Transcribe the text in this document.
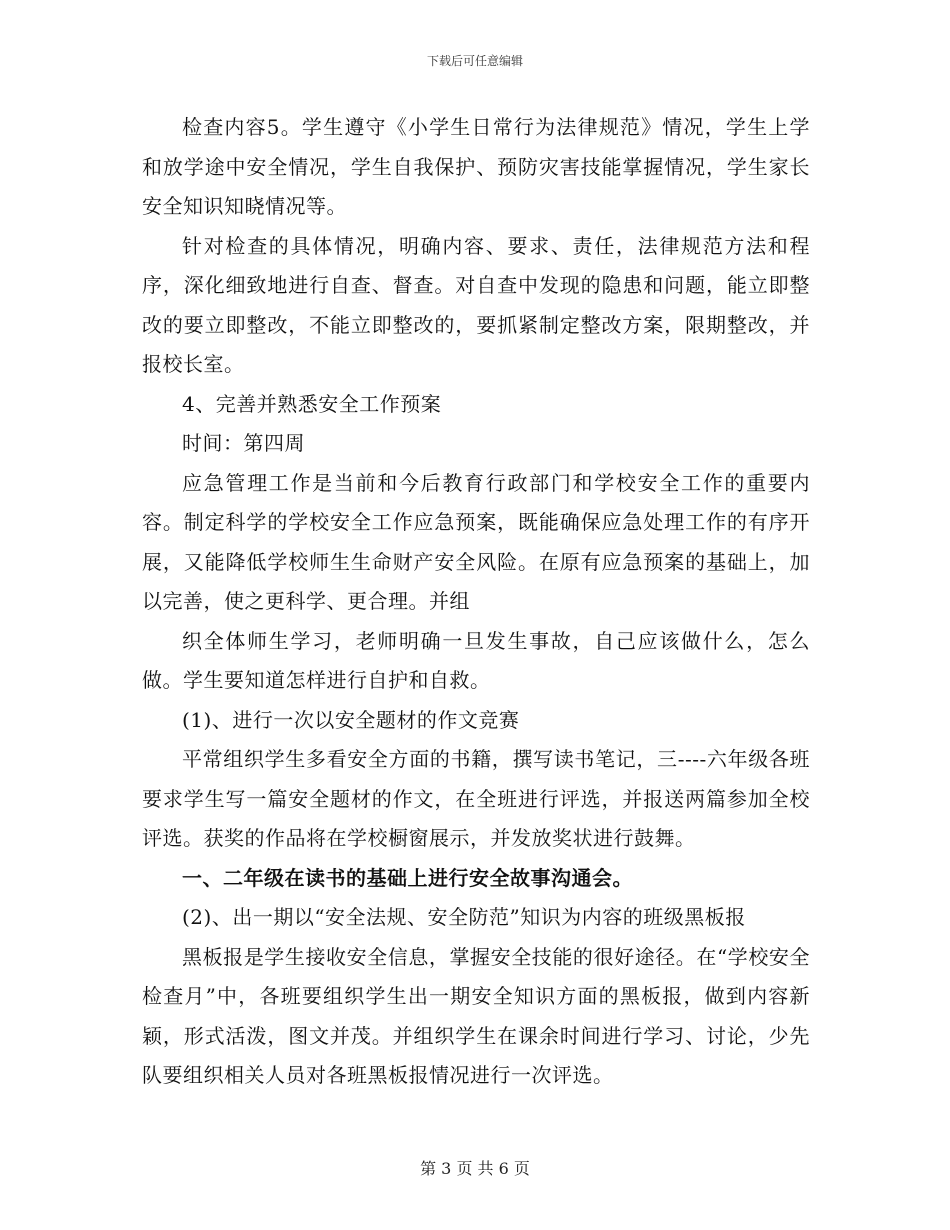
下载后可任意编辑

检查内容5。学生遵守《小学生日常行为法律规范》情况，学生上学和放学途中安全情况，学生自我保护、预防灾害技能掌握情况，学生家长安全知识知晓情况等。

针对检查的具体情况，明确内容、要求、责任，法律规范方法和程序，深化细致地进行自查、督查。对自查中发现的隐患和问题，能立即整改的要立即整改，不能立即整改的，要抓紧制定整改方案，限期整改，并报校长室。

4、完善并熟悉安全工作预案

时间：第四周

应急管理工作是当前和今后教育行政部门和学校安全工作的重要内容。制定科学的学校安全工作应急预案，既能确保应急处理工作的有序开展，又能降低学校师生生命财产安全风险。在原有应急预案的基础上，加以完善，使之更科学、更合理。并组

织全体师生学习，老师明确一旦发生事故，自己应该做什么，怎么做。学生要知道怎样进行自护和自救。

(1)、进行一次以安全题材的作文竞赛

平常组织学生多看安全方面的书籍，撰写读书笔记，三----六年级各班要求学生写一篇安全题材的作文，在全班进行评选，并报送两篇参加全校评选。获奖的作品将在学校橱窗展示，并发放奖状进行鼓舞。

一、二年级在读书的基础上进行安全故事沟通会。

(2)、出一期以“安全法规、安全防范”知识为内容的班级黑板报

黑板报是学生接收安全信息，掌握安全技能的很好途径。在“学校安全检查月”中，各班要组织学生出一期安全知识方面的黑板报，做到内容新颖，形式活泼，图文并茂。并组织学生在课余时间进行学习、讨论，少先队要组织相关人员对各班黑板报情况进行一次评选。

第 3 页 共 6 页
